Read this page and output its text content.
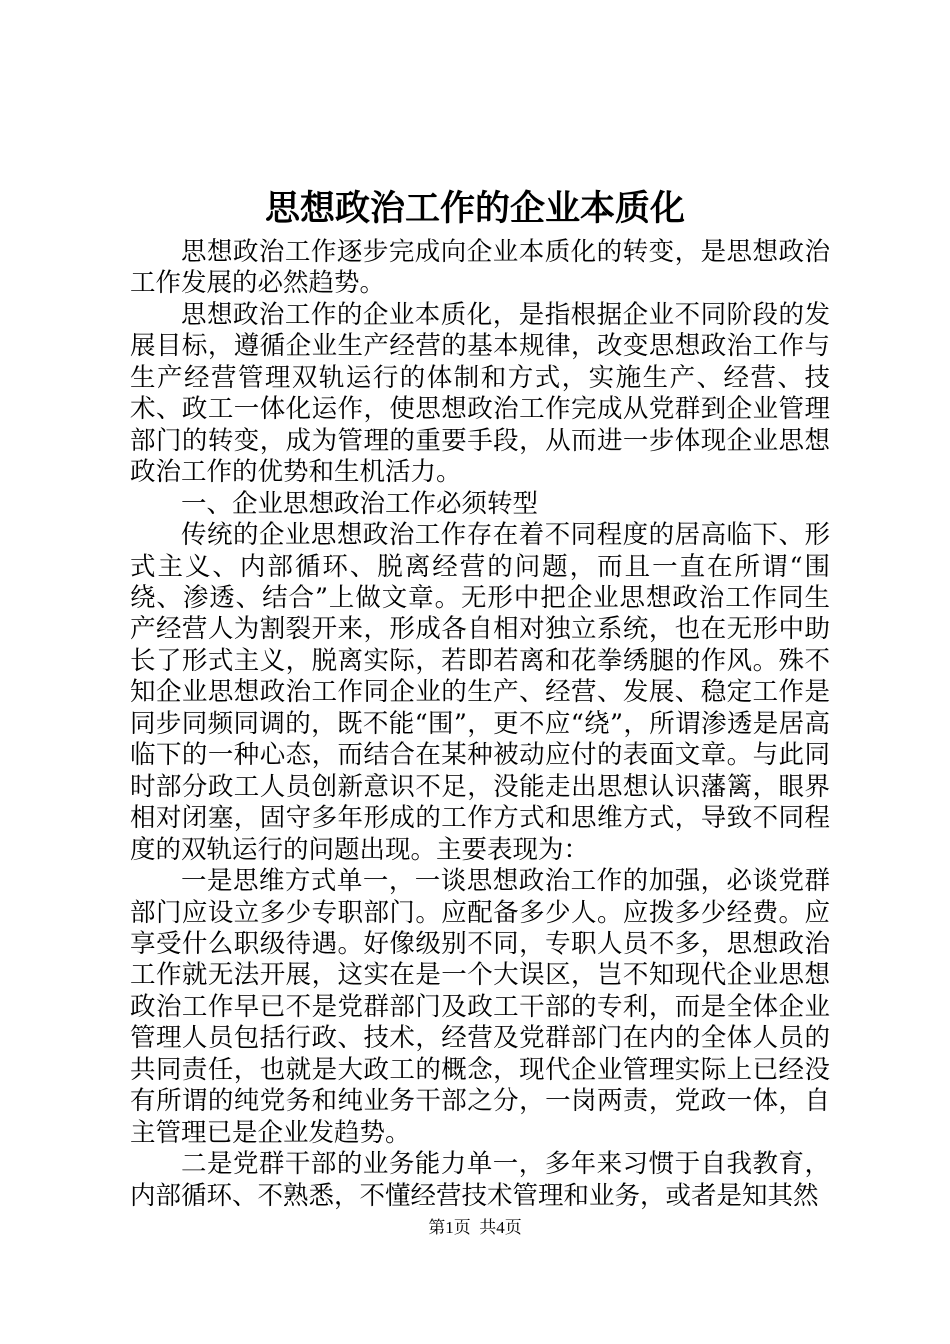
思想政治工作的企业本质化

思想政治工作逐步完成向企业本质化的转变，是思想政治工作发展的必然趋势。

思想政治工作的企业本质化，是指根据企业不同阶段的发展目标，遵循企业生产经营的基本规律，改变思想政治工作与生产经营管理双轨运行的体制和方式，实施生产、经营、技术、政工一体化运作，使思想政治工作完成从党群到企业管理部门的转变，成为管理的重要手段，从而进一步体现企业思想政治工作的优势和生机活力。

一、企业思想政治工作必须转型

传统的企业思想政治工作存在着不同程度的居高临下、形式主义、内部循环、脱离经营的问题，而且一直在所谓“围绕、渗透、结合”上做文章。无形中把企业思想政治工作同生产经营人为割裂开来，形成各自相对独立系统，也在无形中助长了形式主义，脱离实际，若即若离和花拳绣腿的作风。殊不知企业思想政治工作同企业的生产、经营、发展、稳定工作是同步同频同调的，既不能“围”，更不应“绕”，所谓渗透是居高临下的一种心态，而结合在某种被动应付的表面文章。与此同时部分政工人员创新意识不足，没能走出思想认识藩篱，眼界相对闭塞，固守多年形成的工作方式和思维方式，导致不同程度的双轨运行的问题出现。主要表现为：

一是思维方式单一，一谈思想政治工作的加强，必谈党群部门应设立多少专职部门。应配备多少人。应拨多少经费。应享受什么职级待遇。好像级别不同，专职人员不多，思想政治工作就无法开展，这实在是一个大误区，岂不知现代企业思想政治工作早已不是党群部门及政工干部的专利，而是全体企业管理人员包括行政、技术，经营及党群部门在内的全体人员的共同责任，也就是大政工的概念，现代企业管理实际上已经没有所谓的纯党务和纯业务干部之分，一岗两责，党政一体，自主管理已是企业发趋势。

二是党群干部的业务能力单一，多年来习惯于自我教育，内部循环、不熟悉，不懂经营技术管理和业务，或者是知其然

第1页 共4页
